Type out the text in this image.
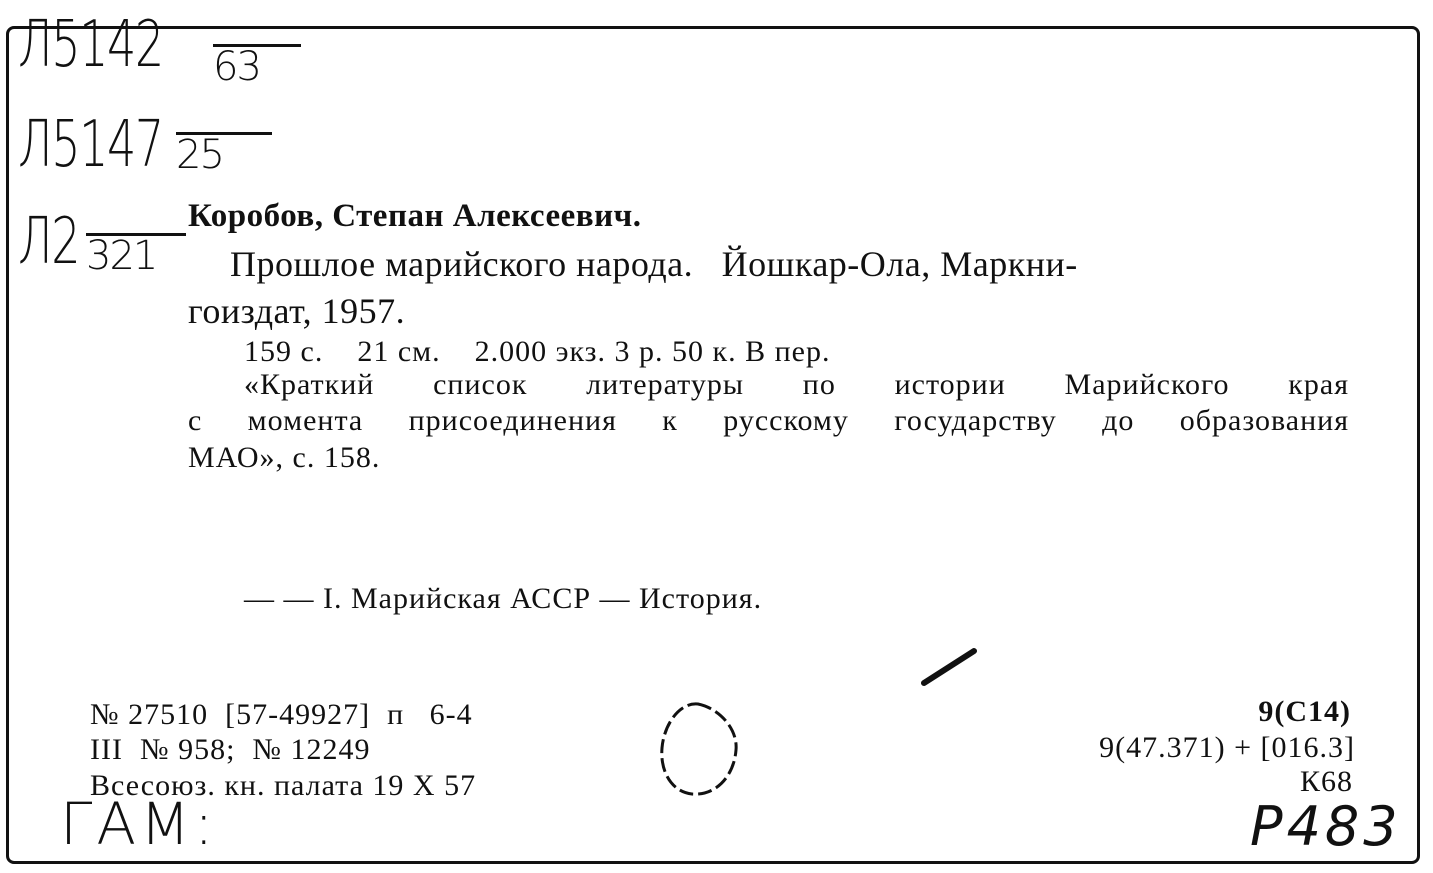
Л5142 63
Л5147 25
Л2 321
Коробов, Степан Алексеевич.
Прошлое марийского народа.   Йошкар-Ола, Маркни-
гоиздат, 1957.
159 с.    21 см.    2.000 экз. 3 р. 50 к. В пер.
«Краткий список литературы по истории Марийского края
с момента присоединения к русскому государству до образования
МАО», с. 158.
— — I. Марийская АССР — История.
№ 27510  [57-49927]  п   6-4
III  № 958;  № 12249
Всесоюз. кн. палата 19 X 57
9(С14)
9(47.371) + [016.3]
К68
ГАМ:	Р483
